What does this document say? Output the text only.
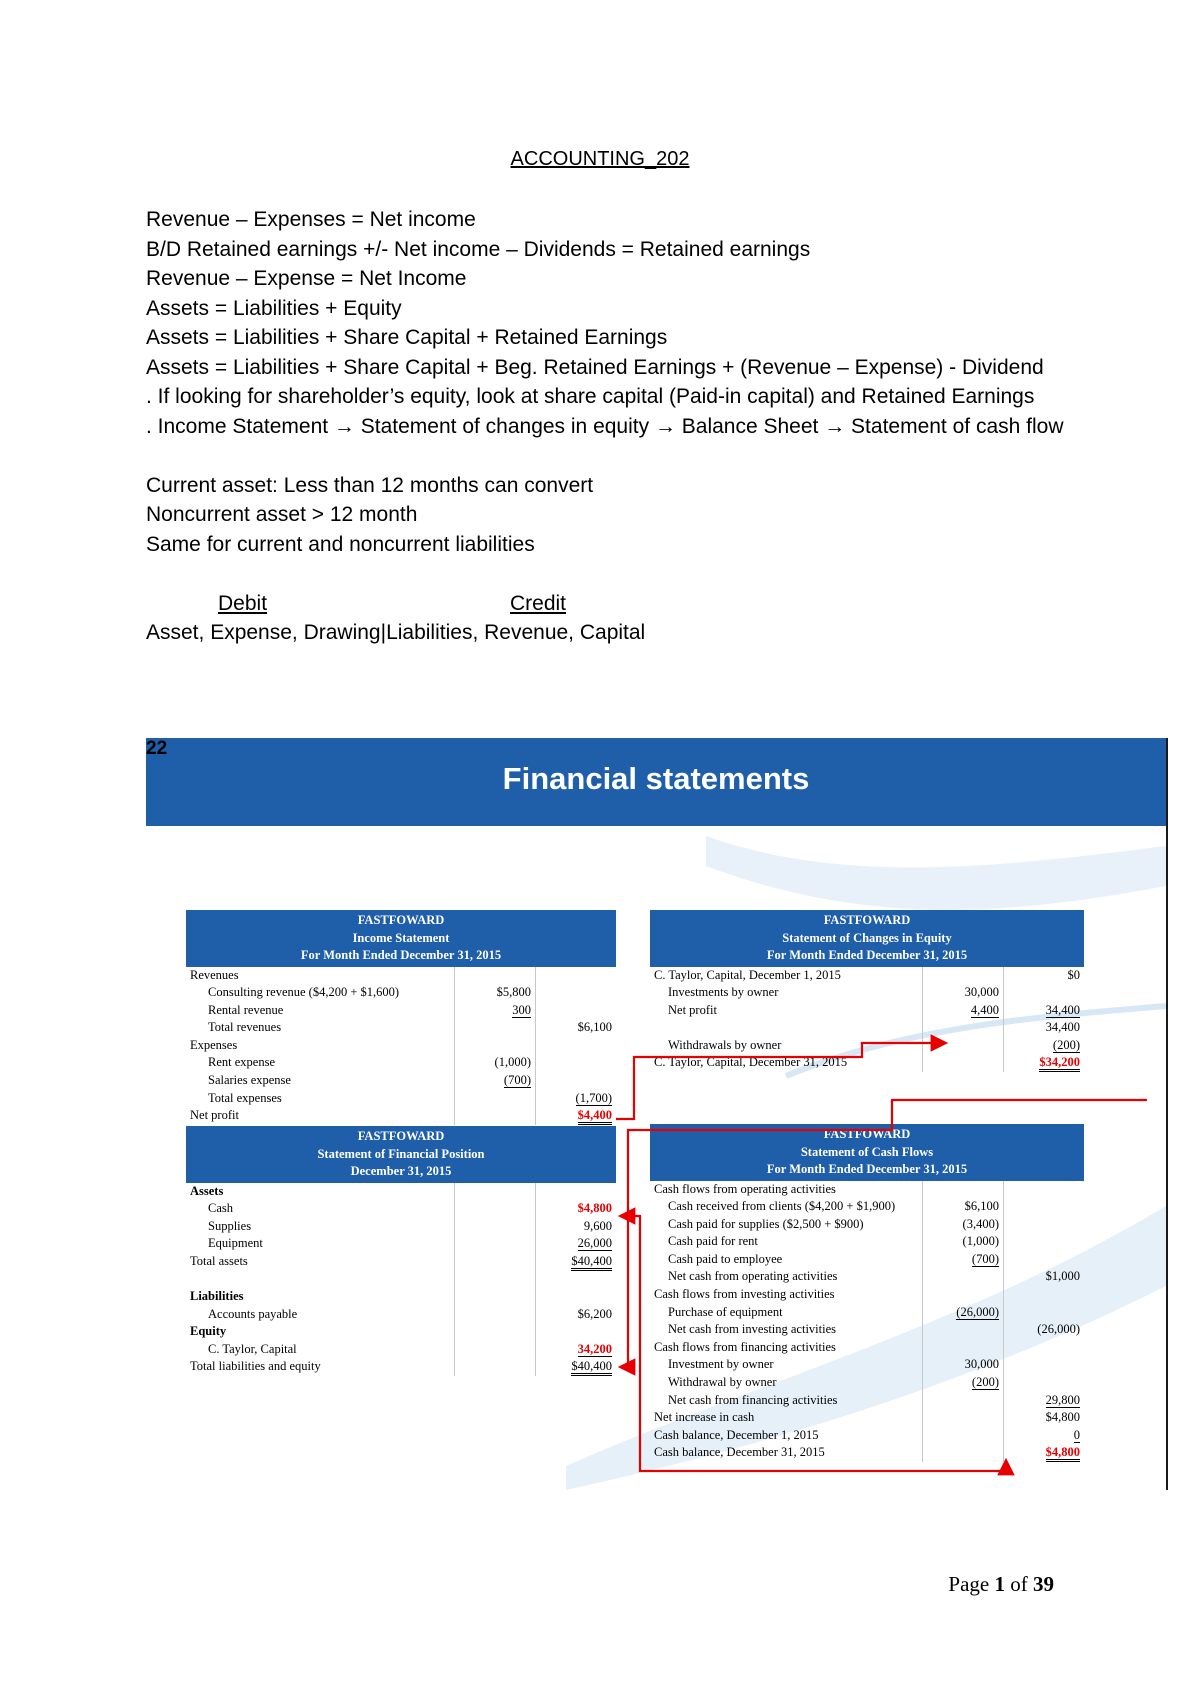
ACCOUNTING_202

Revenue – Expenses = Net income

B/D Retained earnings +/- Net income – Dividends = Retained earnings

Revenue – Expense = Net Income

Assets = Liabilities + Equity

Assets = Liabilities + Share Capital + Retained Earnings

Assets = Liabilities + Share Capital + Beg. Retained Earnings + (Revenue – Expense) - Dividend

. If looking for shareholder’s equity, look at share capital (Paid-in capital) and Retained Earnings

. Income Statement → Statement of changes in equity → Balance Sheet → Statement of cash flow

Current asset: Less than 12 months can convert

Noncurrent asset > 12 month

Same for current and noncurrent liabilities

Debit	Credit

Asset, Expense, Drawing|Liabilities, Revenue, Capital

22
Financial statements
FASTFOWARD
Income Statement
For Month Ended December 31, 2015
Revenues		
Consulting revenue ($4,200 + $1,600)	$5,800	
Rental revenue	300	
Total revenues		$6,100
Expenses		
Rent expense	(1,000)	
Salaries expense	(700)	
Total expenses		(1,700)
Net profit		$4,400
FASTFOWARD
Statement of Changes in Equity
For Month Ended December 31, 2015
C. Taylor, Capital, December 1, 2015		$0
Investments by owner	30,000	
Net profit	4,400	34,400
		34,400
Withdrawals by owner		(200)
C. Taylor, Capital, December 31, 2015		$34,200
FASTFOWARD
Statement of Financial Position
December 31, 2015
Assets		
Cash		$4,800
Supplies		9,600
Equipment		26,000
Total assets		$40,400

Liabilities		
Accounts payable		$6,200
Equity		
C. Taylor, Capital		34,200
Total liabilities and equity		$40,400
FASTFOWARD
Statement of Cash Flows
For Month Ended December 31, 2015
Cash flows from operating activities		
Cash received from clients ($4,200 + $1,900)	$6,100	
Cash paid for supplies ($2,500 + $900)	(3,400)	
Cash paid for rent	(1,000)	
Cash paid to employee	(700)	
Net cash from operating activities		$1,000
Cash flows from investing activities		
Purchase of equipment	(26,000)	
Net cash from investing activities		(26,000)
Cash flows from financing activities		
Investment by owner	30,000	
Withdrawal by owner	(200)	
Net cash from financing activities		29,800
Net increase in cash		$4,800
Cash balance, December 1, 2015		0
Cash balance, December 31, 2015		$4,800
Page 1 of 39
